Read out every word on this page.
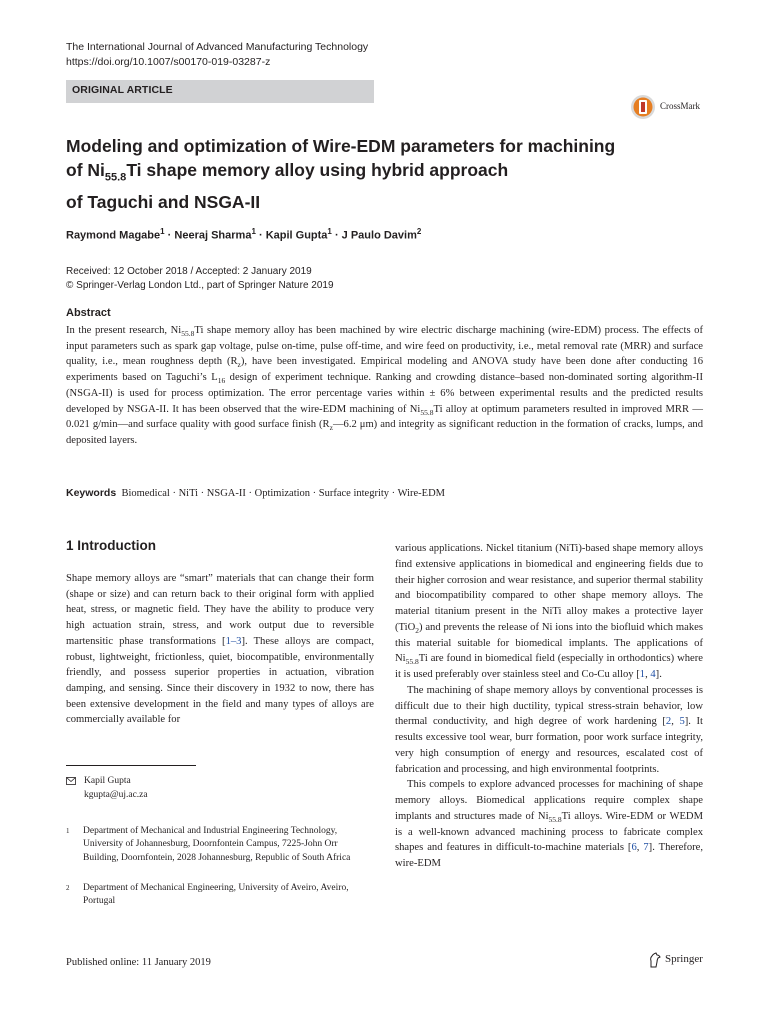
The International Journal of Advanced Manufacturing Technology
https://doi.org/10.1007/s00170-019-03287-z
ORIGINAL ARTICLE
CrossMark
Modeling and optimization of Wire-EDM parameters for machining
of $Ni_{55.8}Ti$ shape memory alloy using hybrid approach
of Taguchi and NSGA-II
Raymond Magabe$^1$ · Neeraj Sharma$^1$ · Kapil Gupta$^1$ · J Paulo Davim$^2$
Received: 12 October 2018 / Accepted: 2 January 2019
© Springer-Verlag London Ltd., part of Springer Nature 2019
Abstract
In the present research, $Ni_{55.8}Ti$ shape memory alloy has been machined by wire electric discharge machining (wire-EDM) process. The effects of input parameters such as spark gap voltage, pulse on-time, pulse off-time, and wire feed on productivity, i.e., metal removal rate (MRR) and surface quality, i.e., mean roughness depth $(R_z)$, have been investigated. Empirical modeling and ANOVA study have been done after conducting 16 experiments based on Taguchi’s $L_{16}$ design of experiment technique. Ranking and crowding distance–based non-dominated sorting algorithm-II (NSGA-II) is used for process optimization. The error percentage varies within ± 6% between experimental results and the predicted results developed by NSGA-II. It has been observed that the wire-EDM machining of $Ni_{55.8}Ti$ alloy at optimum parameters resulted in improved MRR —0.021 g/min—and surface quality with good surface finish ($R_z—6.2$ μm) and integrity as significant reduction in the formation of cracks, lumps, and deposited layers.
Keywords Biomedical · NiTi · NSGA-II · Optimization · Surface integrity · Wire-EDM
1 Introduction

Shape memory alloys are “smart” materials that can change their form (shape or size) and can return back to their original form with applied heat, stress, or magnetic field. They have the ability to produce very high actuation strain, stress, and work output due to reversible martensitic phase transformations [1–3]. These alloys are compact, robust, lightweight, frictionless, quiet, biocompatible, environmentally friendly, and possess superior properties in actuation, vibration damping, and sensing. Since their discovery in 1932 to now, there has been extensive development in the field and many types of alloys are commercially available for

various applications. Nickel titanium (NiTi)-based shape memory alloys find extensive applications in biomedical and engineering fields due to their higher corrosion and wear resistance, and superior thermal stability and biocompatibility compared to other shape memory alloys. The material titanium present in the NiTi alloy makes a protective layer (TiO$_2$) and prevents the release of Ni ions into the biofluid which makes this material suitable for biomedical implants. The applications of $Ni_{55.8}Ti$ are found in biomedical field (especially in orthodontics) where it is used preferably over stainless steel and Co-Cu alloy [1, 4].

The machining of shape memory alloys by conventional processes is difficult due to their high ductility, typical stress-strain behavior, low thermal conductivity, and high degree of work hardening [2, 5]. It results excessive tool wear, burr formation, poor work surface integrity, very high consumption of energy and resources, escalated cost of fabrication and processing, and high environmental footprints.

This compels to explore advanced processes for machining of shape memory alloys. Biomedical applications require complex shape implants and structures made of $Ni_{55.8}Ti$ alloys. Wire-EDM or WEDM is a well-known advanced machining process to fabricate complex shapes and features in difficult-to-machine materials [6, 7]. Therefore, wire-EDM

Kapil Gupta
kgupta@uj.ac.za
1 Department of Mechanical and Industrial Engineering Technology, University of Johannesburg, Doornfontein Campus, 7225-John Orr Building, Doornfontein, 2028 Johannesburg, Republic of South Africa
2 Department of Mechanical Engineering, University of Aveiro, Aveiro, Portugal
Published online: 11 January 2019	Springer
